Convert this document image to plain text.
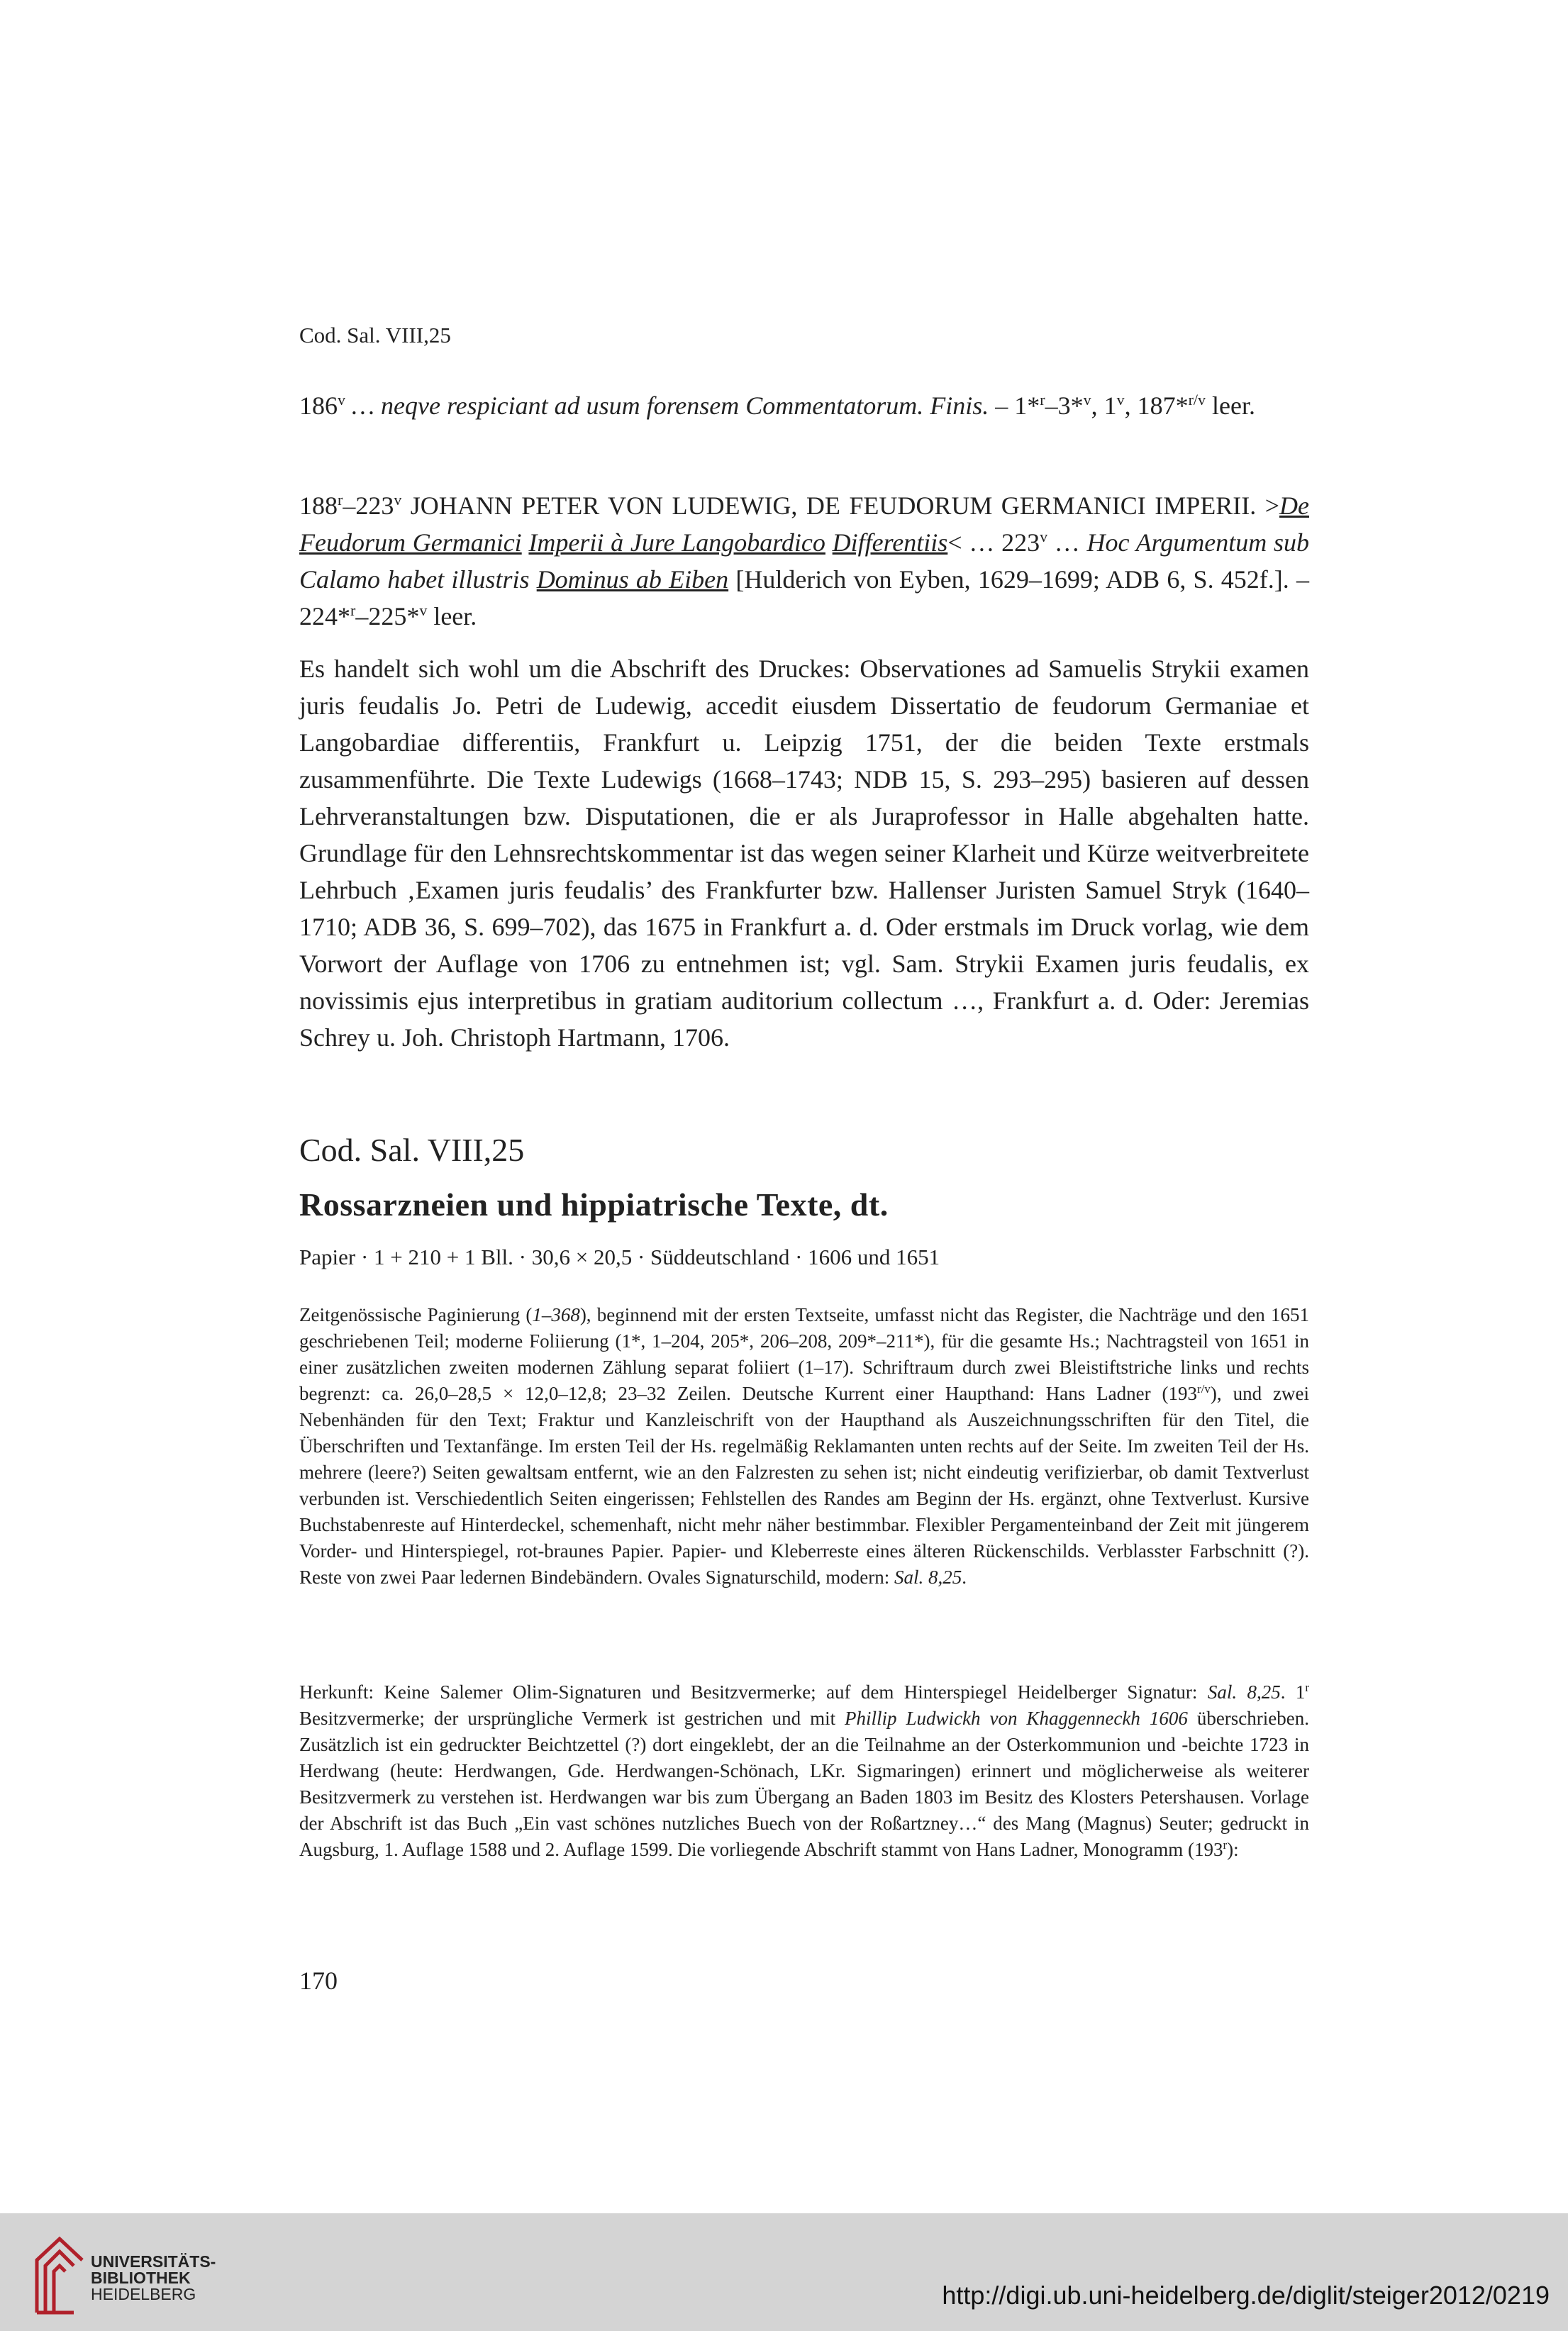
Cod. Sal. VIII,25

186$^v$ … neqve respiciant ad usum forensem Commentatorum. Finis. – 1*$^r$–3*$^v$, 1$^v$, 187*$^{r/v}$ leer.

188$^r$–223$^v$ JOHANN PETER VON LUDEWIG, DE FEUDORUM GERMANICI IMPERII. >De Feudorum Germanici Imperii à Jure Langobardico Differentiis< … 223$^v$ … Hoc Argumentum sub Calamo habet illustris Dominus ab Eiben [Hulderich von Eyben, 1629–1699; ADB 6, S. 452f.]. – 224*$^r$–225*$^v$ leer.

Es handelt sich wohl um die Abschrift des Druckes: Observationes ad Samuelis Strykii examen juris feudalis Jo. Petri de Ludewig, accedit eiusdem Dissertatio de feudorum Germaniae et Langobardiae differentiis, Frankfurt u. Leipzig 1751, der die beiden Texte erstmals zusammenführte. Die Texte Ludewigs (1668–1743; NDB 15, S. 293–295) basieren auf dessen Lehrveranstaltungen bzw. Disputationen, die er als Juraprofessor in Halle abgehalten hatte. Grundlage für den Lehnsrechtskommentar ist das wegen seiner Klarheit und Kürze weitverbreitete Lehrbuch ‚Examen juris feudalis’ des Frankfurter bzw. Hallenser Juristen Samuel Stryk (1640–1710; ADB 36, S. 699–702), das 1675 in Frankfurt a. d. Oder erstmals im Druck vorlag, wie dem Vorwort der Auflage von 1706 zu entnehmen ist; vgl. Sam. Strykii Examen juris feudalis, ex novissimis ejus interpretibus in gratiam auditorium collectum …, Frankfurt a. d. Oder: Jeremias Schrey u. Joh. Christoph Hartmann, 1706.

Cod. Sal. VIII,25
Rossarzneien und hippiatrische Texte, dt.
Papier · 1 + 210 + 1 Bll. · 30,6 × 20,5 · Süddeutschland · 1606 und 1651

Zeitgenössische Paginierung (1–368), beginnend mit der ersten Textseite, umfasst nicht das Register, die Nachträge und den 1651 geschriebenen Teil; moderne Foliierung (1*, 1–204, 205*, 206–208, 209*–211*), für die gesamte Hs.; Nachtragsteil von 1651 in einer zusätzlichen zweiten modernen Zählung separat foliiert (1–17). Schriftraum durch zwei Bleistiftstriche links und rechts begrenzt: ca. 26,0–28,5 × 12,0–12,8; 23–32 Zeilen. Deutsche Kurrent einer Haupthand: Hans Ladner $(193^{r/v})$, und zwei Nebenhänden für den Text; Fraktur und Kanzleischrift von der Haupthand als Auszeichnungsschriften für den Titel, die Überschriften und Textanfänge. Im ersten Teil der Hs. regelmäßig Reklamanten unten rechts auf der Seite. Im zweiten Teil der Hs. mehrere (leere?) Seiten gewaltsam entfernt, wie an den Falzresten zu sehen ist; nicht eindeutig verifizierbar, ob damit Textverlust verbunden ist. Verschiedentlich Seiten eingerissen; Fehlstellen des Randes am Beginn der Hs. ergänzt, ohne Textverlust. Kursive Buchstabenreste auf Hinterdeckel, schemenhaft, nicht mehr näher bestimmbar. Flexibler Pergamenteinband der Zeit mit jüngerem Vorder- und Hinterspiegel, rot-braunes Papier. Papier- und Kleberreste eines älteren Rückenschilds. Verblasster Farbschnitt (?). Reste von zwei Paar ledernen Bindebändern. Ovales Signaturschild, modern: Sal. 8,25.

Herkunft: Keine Salemer Olim-Signaturen und Besitzvermerke; auf dem Hinterspiegel Heidelberger Signatur: Sal. 8,25. 1$^r$ Besitzvermerke; der ursprüngliche Vermerk ist gestrichen und mit Phillip Ludwickh von Khaggenneckh 1606 überschrieben. Zusätzlich ist ein gedruckter Beichtzettel (?) dort eingeklebt, der an die Teilnahme an der Osterkommunion und -beichte 1723 in Herdwang (heute: Herdwangen, Gde. Herdwangen-Schönach, LKr. Sigmaringen) erinnert und möglicherweise als weiterer Besitzvermerk zu verstehen ist. Herdwangen war bis zum Übergang an Baden 1803 im Besitz des Klosters Petershausen. Vorlage der Abschrift ist das Buch „Ein vast schönes nutzliches Buech von der Roßartzney…“ des Mang (Magnus) Seuter; gedruckt in Augsburg, 1. Auflage 1588 und 2. Auflage 1599. Die vorliegende Abschrift stammt von Hans Ladner, Monogramm (193$^r$):

170
UNIVERSITÄTS-
BIBLIOTHEK
HEIDELBERG	http://digi.ub.uni-heidelberg.de/diglit/steiger2012/0219
